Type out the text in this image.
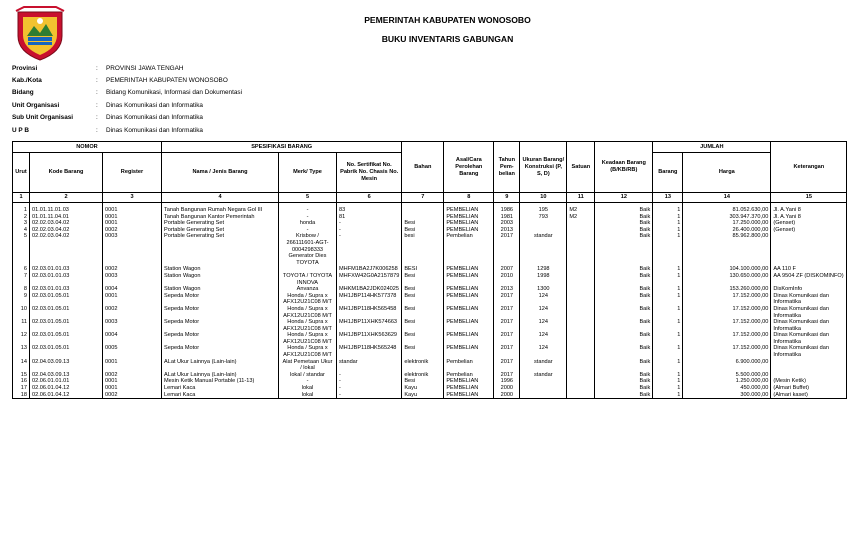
PEMERINTAH KABUPATEN WONOSOBO
BUKU INVENTARIS GABUNGAN
Provinsi	:	PROVINSI JAWA TENGAH
Kab./Kota	:	PEMERINTAH KABUPATEN WONOSOBO
Bidang	:	Bidang Komunikasi, Informasi dan Dokumentasi
Unit Organisasi	:	Dinas Komunikasi dan Informatika
Sub Unit Organisasi	:	Dinas Komunikasi dan Informatika
U P B	:	Dinas Komunikasi dan Informatika
NOMOR			SPESIFIKASI BARANG			Bahan	Asal/Cara Perolehan Barang	Tahun Pem- belian	Ukuran Barang/ Konstruksi (P, S, D)	Satuan	Keadaan Barang (B/KB/RB)	JUMLAH		Keterangan
Urut	Kode Barang	Register	Nama / Jenis Barang	Merk/ Type	No. Sertifikat No. Pabrik No. Chasis No. Mesin							Barang	Harga	
1	2	3	4	5	6	7	8	9	10	11	12	13	14	15

1	01.01.11.01.03	0001	Tanah Bangunan Rumah Negara Gol III	-	83		PEMBELIAN	1986	195	M2	Baik	1	81.052.630,00	Jl. A.Yani 8
2	01.01.11.04.01	0001	Tanah Bangunan Kantor Pemerintah	-	81		PEMBELIAN	1981	793	M2	Baik	1	303.947.370,00	Jl. A.Yani 8
3	02.02.03.04.02	0001	Portable Generating Set	honda	-	Besi	PEMBELIAN	2003			Baik	1	17.250.000,00	(Genset)
4	02.02.03.04.02	0002	Portable Generating Set	-	-	Besi	PEMBELIAN	2013			Baik	1	26.400.000,00	(Genset)
5	02.02.03.04.02	0003	Portable Generating Set	Krisbow / 266111601-AGT-0004298333 Generator Dies TOYOTA	-	besi	Pembelian	2017	standar		Baik	1	85.962.800,00	
6	02.03.01.01.03	0002	Station Wagon		MHFM1BA2J7K006258	BESI	PEMBELIAN	2007	1298		Baik	1	104.100.000,00	AA 110 F
7	02.03.01.01.03	0003	Station Wagon	TOYOTA / TOYOTA INNOVA	MHFXW42G0A2157879	Besi	PEMBELIAN	2010	1998		Baik	1	130.650.000,00	AA 9504 ZF (DISKOMINFO)
8	02.03.01.01.03	0004	Station Wagon	Anvanza	MHKM1BA2JDK024025	Besi	PEMBELIAN	2013	1300		Baik	1	153.260.000,00	DisKomInfo
9	02.03.01.05.01	0001	Sepeda Motor	Honda / Supra x AFX12U21C08 M/T	MH1JBP114HK577378	Besi	PEMBELIAN	2017	124		Baik	1	17.152.000,00	Dinas Komunikasi dan Informatika
10	02.03.01.05.01	0002	Sepeda Motor	Honda / Supra x AFX12U21C08 M/T	MH1JBP118HK565458	Besi	PEMBELIAN	2017	124		Baik	1	17.152.000,00	Dinas Komunikasi dan Informatika
11	02.03.01.05.01	0003	Sepeda Motor	Honda / Supra x AFX12U21C08 M/T	MH1JBP11XHK574663	Besi	PEMBELIAN	2017	124		Baik	1	17.152.000,00	Dinas Komunikasi dan Informatika
12	02.03.01.05.01	0004	Sepeda Motor	Honda / Supra x AFX12U21C08 M/T	MH1JBP11XHK563629	Besi	PEMBELIAN	2017	124		Baik	1	17.152.000,00	Dinas Komunikasi dan Informatika
13	02.03.01.05.01	0005	Sepeda Motor	Honda / Supra x AFX12U21C08 M/T	MH1JBP118HK565248	Besi	PEMBELIAN	2017	124		Baik	1	17.152.000,00	Dinas Komunikasi dan Informatika
14	02.04.03.09.13	0001	ALat Ukur Lainnya (Lain-lain)	Alat Pemetaan Ukur / lokal	standar	elektronik	Pembelian	2017	standar		Baik	1	6.900.000,00	
15	02.04.03.09.13	0002	ALat Ukur Lainnya (Lain-lain)	lokal / standar	-	elektronik	Pembelian	2017	standar		Baik	1	5.500.000,00	
16	02.06.01.01.01	0001	Mesin Ketik Manual Portable (11-13)	-	-	Besi	PEMBELIAN	1996			Baik	1	1.250.000,00	(Mesin Ketik)
17	02.06.01.04.12	0001	Lemari Kaca	lokal	-	Kayu	PEMBELIAN	2000			Baik	1	450.000,00	(Almari Buffet)
18	02.06.01.04.12	0002	Lemari Kaca	lokal	-	Kayu	PEMBELIAN	2000			Baik	1	300.000,00	(Almari kaset)
